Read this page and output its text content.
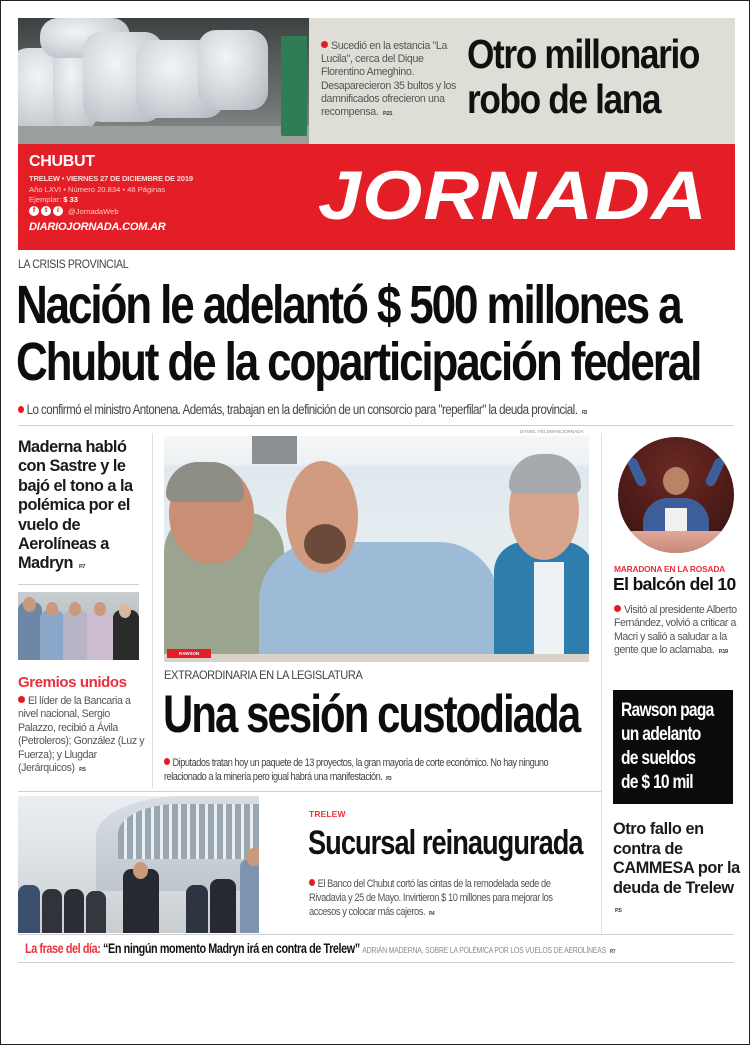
Sucedió en la estancia "La Lucila", cerca del Dique Florentino Ameghino. Desaparecieron 35 bultos y los damnificados ofrecieron una recompensa. P.21
Otro millonario
robo de lana
CHUBUT
TRELEW • VIERNES 27 DE DICIEMBRE DE 2019
Año LXVI • Número 20.834 • 48 Páginas
Ejemplar: $ 33
f	t	i	@JornadaWeb
DIARIOJORNADA.COM.AR JORNADA
LA CRISIS PROVINCIAL
Nación le adelantó $ 500 millones a
Chubut de la coparticipación federal
Lo confirmó el ministro Antonena. Además, trabajan en la definición de un consorcio para "reperfilar" la deuda provincial. P.3
Maderna habló con Sastre y le bajó el tono a la polémica por el vuelo de Aerolíneas a Madryn P.7
Gremios unidos
El líder de la Bancaria a nivel nacional, Sergio Palazzo, recibió a Ávila (Petroleros); González (Luz y Fuerza); y Llugdar (Jerárquicos) P.5
DANIEL FELDMAN/JORNADA
RAWSON
EXTRAORDINARIA EN LA LEGISLATURA
Una sesión custodiada
Diputados tratan hoy un paquete de 13 proyectos, la gran mayoría de corte económico. No hay ninguno relacionado a la minería pero igual habrá una manifestación. P.3
MARADONA EN LA ROSADA
El balcón del 10
Visitó al presidente Alberto Fernández, volvió a criticar a Macri y salió a saludar a la gente que lo aclamaba. P.19
Rawson paga
un adelanto
de sueldos
de $ 10 mil
Otro fallo en contra de CAMMESA por la deuda de Trelew P.5
TRELEW
Sucursal reinaugurada
El Banco del Chubut cortó las cintas de la remodelada sede de Rivadavia y 25 de Mayo. Invirtieron $ 10 millones para mejorar los accesos y colocar más cajeros. P.4
La frase del día: “En ningún momento Madryn irá en contra de Trelew” ADRIÁN MADERNA, SOBRE LA POLÉMICA POR LOS VUELOS DE AEROLÍNEAS P.7
